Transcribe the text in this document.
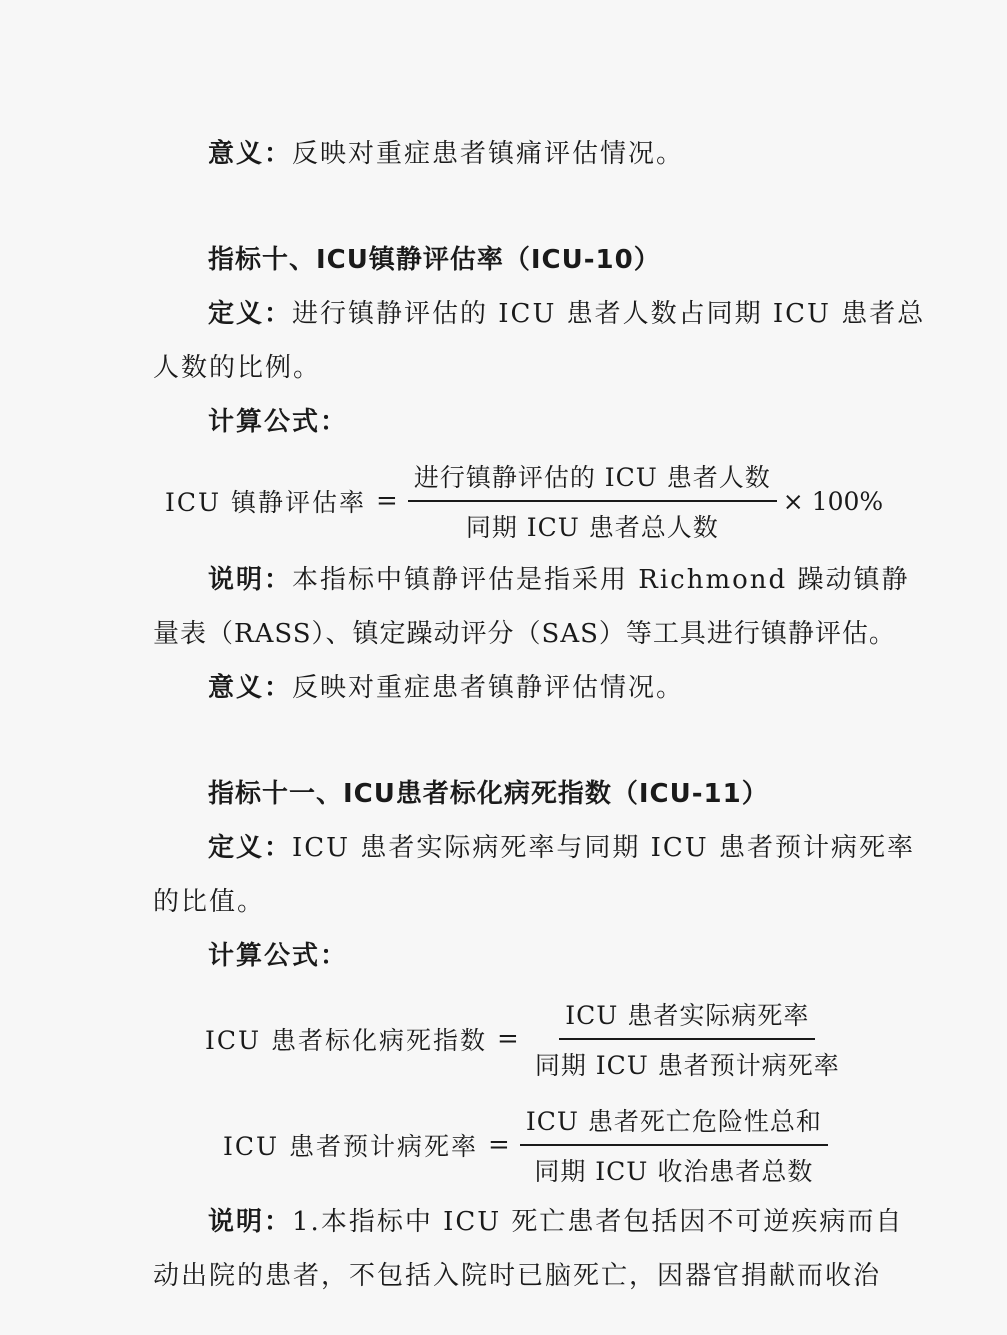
意义：反映对重症患者镇痛评估情况。
指标十、ICU镇静评估率（ICU-10）
定义：进行镇静评估的 ICU 患者人数占同期 ICU 患者总
人数的比例。
计算公式：
ICU 镇静评估率 = $\frac{\text{进行镇静评估的 ICU 患者人数}}{\text{同期 ICU 患者总人数}} \times 100\%$
说明：本指标中镇静评估是指采用 Richmond 躁动镇静
量表（RASS）、镇定躁动评分（SAS）等工具进行镇静评估。
意义：反映对重症患者镇静评估情况。
指标十一、ICU患者标化病死指数（ICU-11）
定义：ICU 患者实际病死率与同期 ICU 患者预计病死率
的比值。
计算公式：
ICU 患者标化病死指数 = $\frac{\text{ICU 患者实际病死率}}{\text{同期 ICU 患者预计病死率}}$
ICU 患者预计病死率 = $\frac{\text{ICU 患者死亡危险性总和}}{\text{同期 ICU 收治患者总数}}$
说明：1.本指标中 ICU 死亡患者包括因不可逆疾病而自
动出院的患者，不包括入院时已脑死亡，因器官捐献而收治
